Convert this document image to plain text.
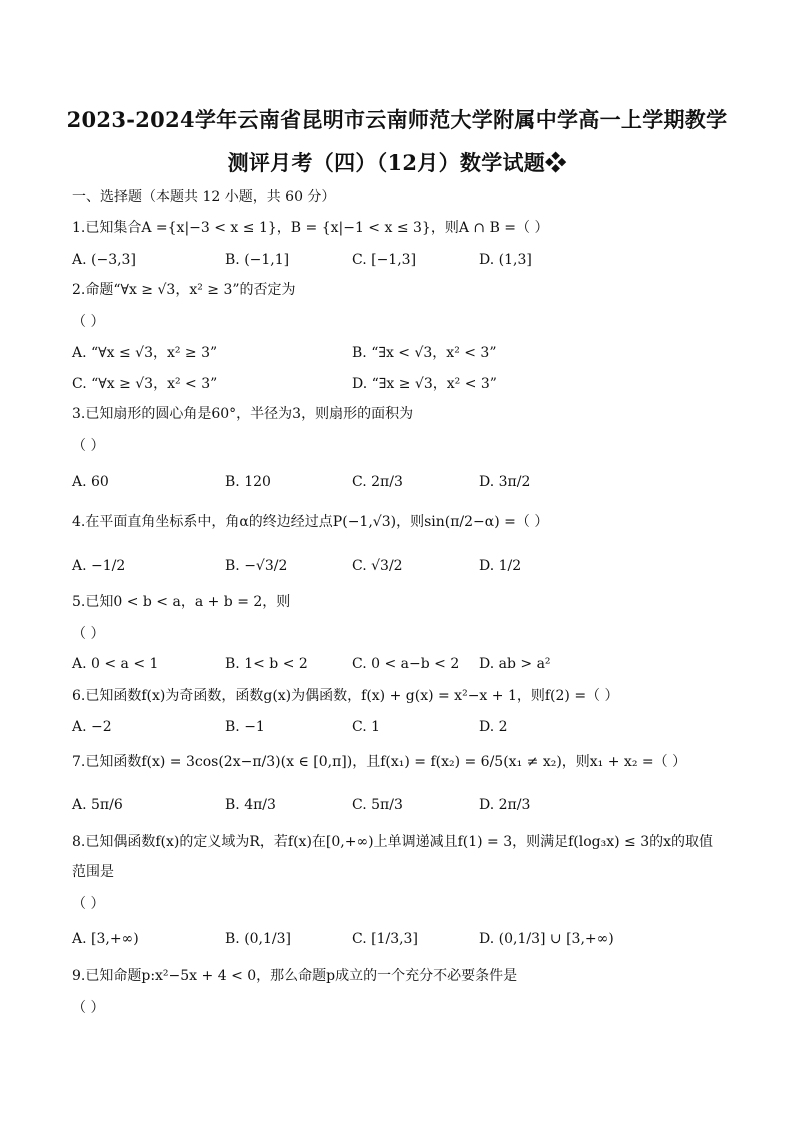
2023-2024学年云南省昆明市云南师范大学附属中学高一上学期教学
测评月考（四）（12月）数学试题❖
一、选择题（本题共 12 小题，共 60 分）
1.已知集合A ={x|−3 < x ≤ 1}，B = {x|−1 < x ≤ 3}，则A ∩ B =（ ）
A. (−3,3]	B. (−1,1]	C. [−1,3]	D. (1,3]
2.命题“∀x ≥ √3，x² ≥ 3”的否定为
（ ）
A. “∀x ≤ √3，x² ≥ 3”	B. “∃x < √3，x² < 3”
C. “∀x ≥ √3，x² < 3”	D. “∃x ≥ √3，x² < 3”
3.已知扇形的圆心角是60°，半径为3，则扇形的面积为
（ ）
A. 60	B. 120	C. 2π/3	D. 3π/2
4.在平面直角坐标系中，角α的终边经过点P(−1,√3)，则sin(π/2−α) =（ ）
A. −1/2	B. −√3/2	C. √3/2	D. 1/2
5.已知0 < b < a，a + b = 2，则
（ ）
A. 0 < a < 1	B. 1< b < 2	C. 0 < a−b < 2 D. ab > a²
6.已知函数f(x)为奇函数，函数g(x)为偶函数，f(x) + g(x) = x²−x + 1，则f(2) =（ ）
A. −2	B. −1	C. 1	D. 2
7.已知函数f(x) = 3cos(2x−π/3)(x ∈ [0,π])，且f(x₁) = f(x₂) = 6/5(x₁ ≠ x₂)，则x₁ + x₂ =（ ）
A. 5π/6	B. 4π/3	C. 5π/3	D. 2π/3
8.已知偶函数f(x)的定义域为R，若f(x)在[0,+∞)上单调递减且f(1) = 3，则满足f(log₃x) ≤ 3的x的取值
范围是
（ ）
A. [3,+∞)	B. (0,1/3]	C. [1/3,3]	D. (0,1/3] ∪ [3,+∞)
9.已知命题p:x²−5x + 4 < 0，那么命题p成立的一个充分不必要条件是
（ ）
